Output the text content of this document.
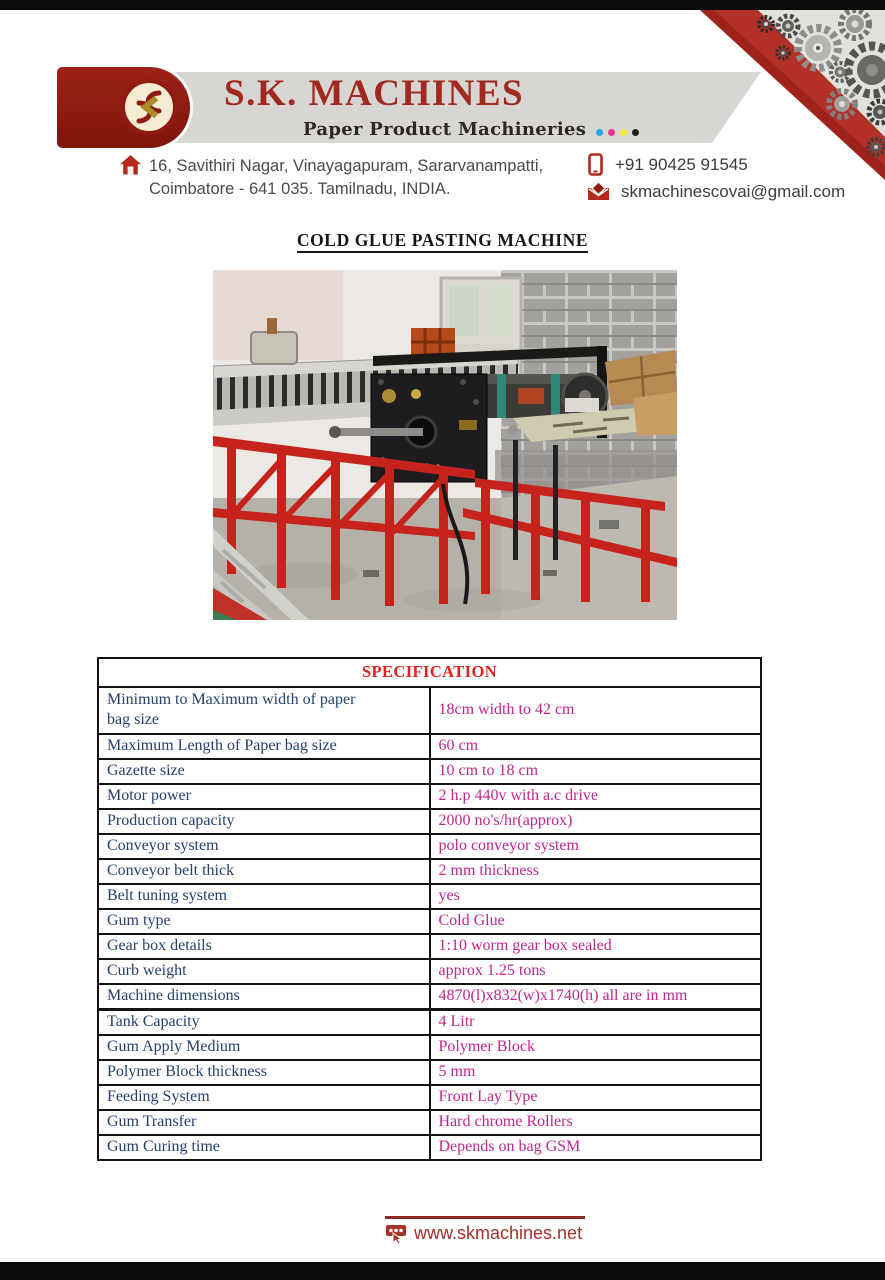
S.K. MACHINES
Paper Product Machineries
16, Savithiri Nagar, Vinayagapuram, Sararvanampatti,
Coimbatore - 641 035. Tamilnadu, INDIA.
+91 90425 91545
skmachinescovai@gmail.com
COLD GLUE PASTING MACHINE
SPECIFICATION	
Minimum to Maximum width of paper bag size	18cm width to 42 cm
Maximum Length of Paper bag size	60 cm
Gazette size	10 cm to 18 cm
Motor power	2 h.p 440v with a.c drive
Production capacity	2000 no's/hr(approx)
Conveyor system	polo conveyor system
Conveyor belt thick	2 mm thickness
Belt tuning system	yes
Gum type	Cold Glue
Gear box details	1:10 worm gear box sealed
Curb weight	approx 1.25 tons
Machine dimensions	4870(l)x832(w)x1740(h) all are in mm
Tank Capacity	4 Litr
Gum Apply Medium	Polymer Block
Polymer Block thickness	5 mm
Feeding System	Front Lay Type
Gum Transfer	Hard chrome Rollers
Gum Curing time	Depends on bag GSM
www.skmachines.net
